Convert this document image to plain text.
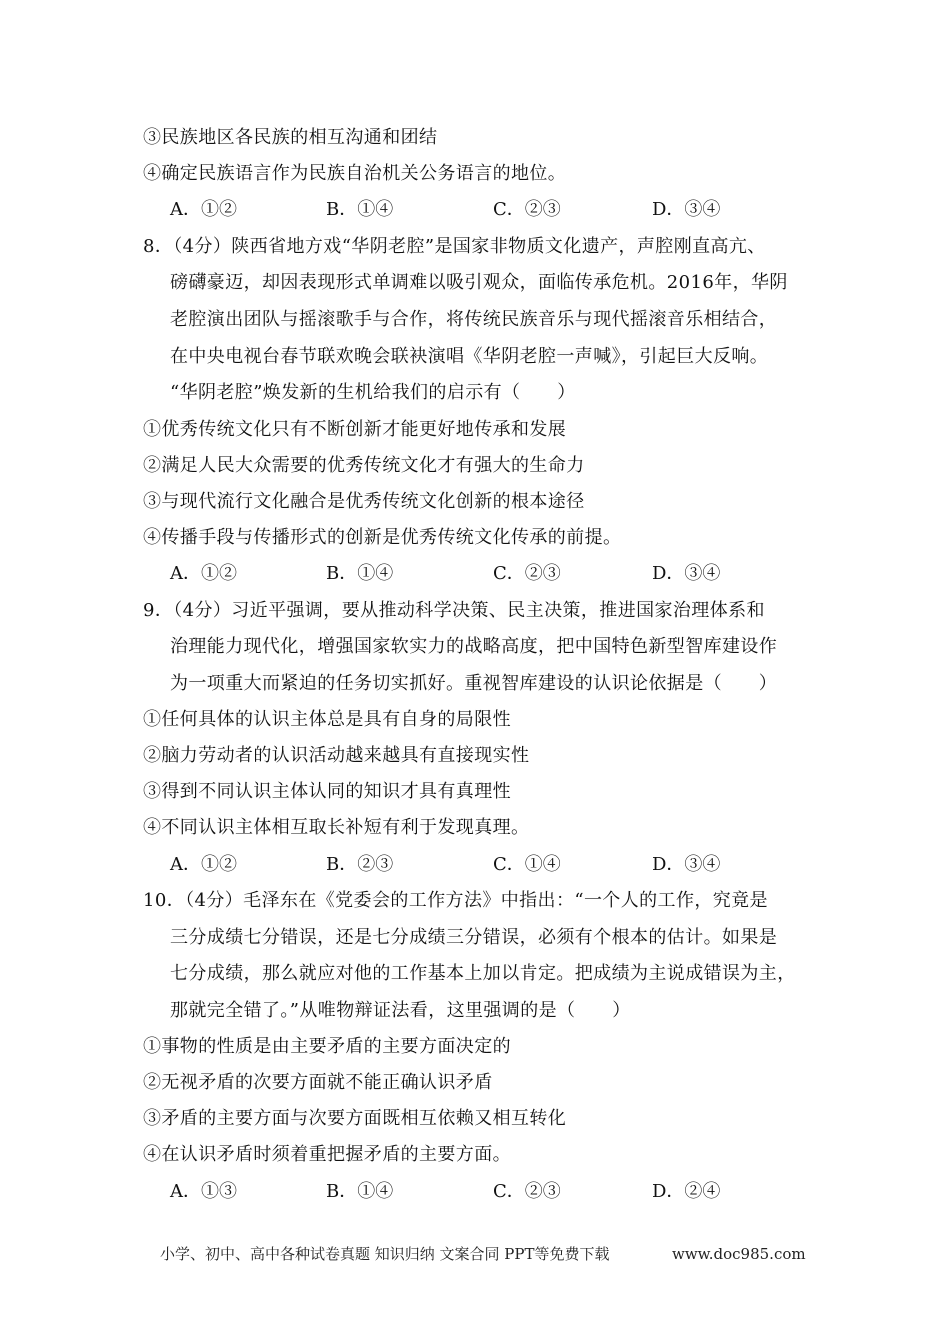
③民族地区各民族的相互沟通和团结
④确定民族语言作为民族自治机关公务语言的地位。
A．①②	B．①④	C．②③	D．③④
8．（4分）陕西省地方戏“华阴老腔”是国家非物质文化遗产，声腔刚直高亢、
磅礴豪迈，却因表现形式单调难以吸引观众，面临传承危机。2016年，华阴
老腔演出团队与摇滚歌手与合作，将传统民族音乐与现代摇滚音乐相结合，
在中央电视台春节联欢晚会联袂演唱《华阴老腔一声喊》，引起巨大反响。
“华阴老腔”焕发新的生机给我们的启示有（　　）
①优秀传统文化只有不断创新才能更好地传承和发展
②满足人民大众需要的优秀传统文化才有强大的生命力
③与现代流行文化融合是优秀传统文化创新的根本途径
④传播手段与传播形式的创新是优秀传统文化传承的前提。
A．①②	B．①④	C．②③	D．③④
9．（4分）习近平强调，要从推动科学决策、民主决策，推进国家治理体系和
治理能力现代化，增强国家软实力的战略高度，把中国特色新型智库建设作
为一项重大而紧迫的任务切实抓好。重视智库建设的认识论依据是（　　）
①任何具体的认识主体总是具有自身的局限性
②脑力劳动者的认识活动越来越具有直接现实性
③得到不同认识主体认同的知识才具有真理性
④不同认识主体相互取长补短有利于发现真理。
A．①②	B．②③	C．①④	D．③④
10．（4分）毛泽东在《党委会的工作方法》中指出：“一个人的工作，究竟是
三分成绩七分错误，还是七分成绩三分错误，必须有个根本的估计。如果是
七分成绩，那么就应对他的工作基本上加以肯定。把成绩为主说成错误为主，
那就完全错了。”从唯物辩证法看，这里强调的是（　　）
①事物的性质是由主要矛盾的主要方面决定的
②无视矛盾的次要方面就不能正确认识矛盾
③矛盾的主要方面与次要方面既相互依赖又相互转化
④在认识矛盾时须着重把握矛盾的主要方面。
A．①③	B．①④	C．②③	D．②④
小学、初中、高中各种试卷真题 知识归纳 文案合同 PPT等免费下载	www.doc985.com
